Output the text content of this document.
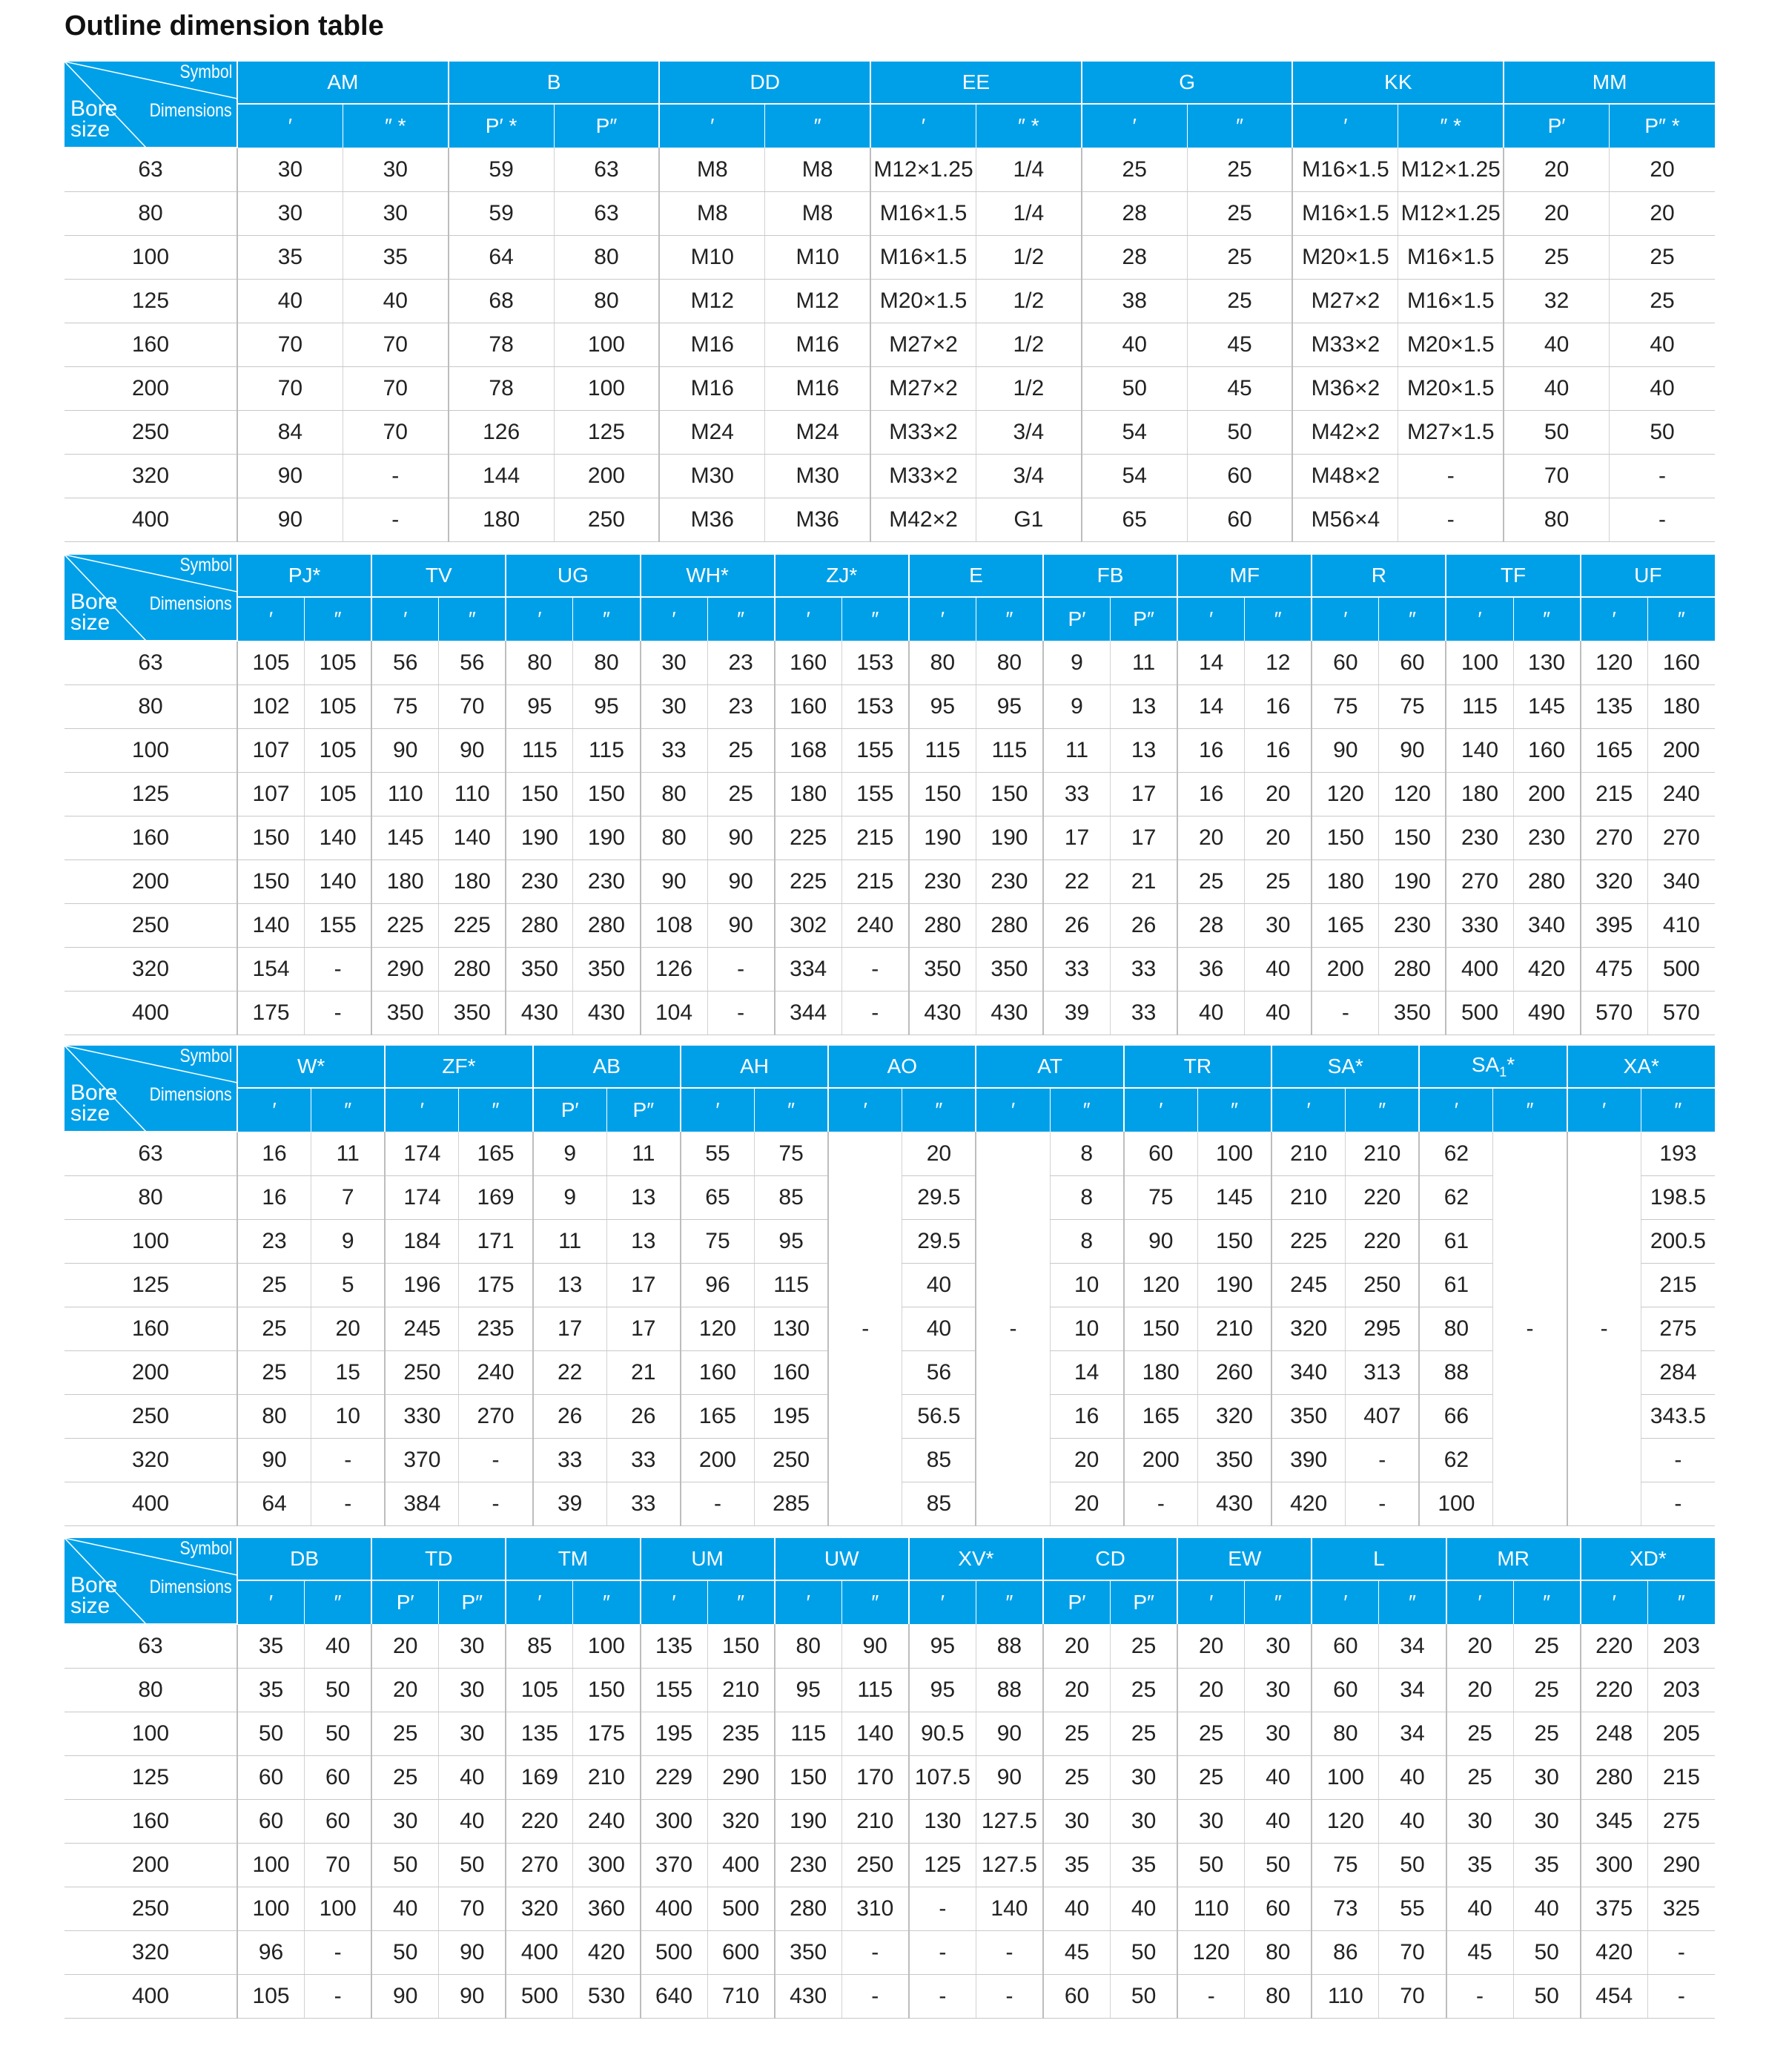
Outline dimension table
Symbol
Dimensions
Bore
size	AM		B		DD		EE		G		KK		MM	
	′	″ *	P′ *	P″	′	″	′	″ *	′	″	′	″ *	P′	P″ *
63	30	30	59	63	M8	M8	M12×1.25	1/4	25	25	M16×1.5	M12×1.25	20	20
80	30	30	59	63	M8	M8	M16×1.5	1/4	28	25	M16×1.5	M12×1.25	20	20
100	35	35	64	80	M10	M10	M16×1.5	1/2	28	25	M20×1.5	M16×1.5	25	25
125	40	40	68	80	M12	M12	M20×1.5	1/2	38	25	M27×2	M16×1.5	32	25
160	70	70	78	100	M16	M16	M27×2	1/2	40	45	M33×2	M20×1.5	40	40
200	70	70	78	100	M16	M16	M27×2	1/2	50	45	M36×2	M20×1.5	40	40
250	84	70	126	125	M24	M24	M33×2	3/4	54	50	M42×2	M27×1.5	50	50
320	90	-	144	200	M30	M30	M33×2	3/4	54	60	M48×2	-	70	-
400	90	-	180	250	M36	M36	M42×2	G1	65	60	M56×4	-	80	-
Symbol
Dimensions
Bore
size	PJ*		TV		UG		WH*		ZJ*		E		FB		MF		R		TF		UF	
	′	″	′	″	′	″	′	″	′	″	′	″	P′	P″	′	″	′	″	′	″	′	″
63	105	105	56	56	80	80	30	23	160	153	80	80	9	11	14	12	60	60	100	130	120	160
80	102	105	75	70	95	95	30	23	160	153	95	95	9	13	14	16	75	75	115	145	135	180
100	107	105	90	90	115	115	33	25	168	155	115	115	11	13	16	16	90	90	140	160	165	200
125	107	105	110	110	150	150	80	25	180	155	150	150	33	17	16	20	120	120	180	200	215	240
160	150	140	145	140	190	190	80	90	225	215	190	190	17	17	20	20	150	150	230	230	270	270
200	150	140	180	180	230	230	90	90	225	215	230	230	22	21	25	25	180	190	270	280	320	340
250	140	155	225	225	280	280	108	90	302	240	280	280	26	26	28	30	165	230	330	340	395	410
320	154	-	290	280	350	350	126	-	334	-	350	350	33	33	36	40	200	280	400	420	475	500
400	175	-	350	350	430	430	104	-	344	-	430	430	39	33	40	40	-	350	500	490	570	570
Symbol
Dimensions
Bore
size	W*		ZF*		AB		AH		AO		AT		TR		SA*		$SA_1*$		XA*	
	′	″	′	″	P′	P″	′	″	′	″	′	″	′	″	′	″	′	″	′	″
63	16	11	174	165	9	11	55	75	-	20	-	8	60	100	210	210	62	-	-	193
80	16	7	174	169	9	13	65	85		29.5		8	75	145	210	220	62			198.5
100	23	9	184	171	11	13	75	95		29.5		8	90	150	225	220	61			200.5
125	25	5	196	175	13	17	96	115		40		10	120	190	245	250	61			215
160	25	20	245	235	17	17	120	130		40		10	150	210	320	295	80			275
200	25	15	250	240	22	21	160	160		56		14	180	260	340	313	88			284
250	80	10	330	270	26	26	165	195		56.5		16	165	320	350	407	66			343.5
320	90	-	370	-	33	33	200	250		85		20	200	350	390	-	62			-
400	64	-	384	-	39	33	-	285		85		20	-	430	420	-	100			-
Symbol
Dimensions
Bore
size	DB		TD		TM		UM		UW		XV*		CD		EW		L		MR		XD*	
	′	″	P′	P″	′	″	′	″	′	″	′	″	P′	P″	′	″	′	″	′	″	′	″
63	35	40	20	30	85	100	135	150	80	90	95	88	20	25	20	30	60	34	20	25	220	203
80	35	50	20	30	105	150	155	210	95	115	95	88	20	25	20	30	60	34	20	25	220	203
100	50	50	25	30	135	175	195	235	115	140	90.5	90	25	25	25	30	80	34	25	25	248	205
125	60	60	25	40	169	210	229	290	150	170	107.5	90	25	30	25	40	100	40	25	30	280	215
160	60	60	30	40	220	240	300	320	190	210	130	127.5	30	30	30	40	120	40	30	30	345	275
200	100	70	50	50	270	300	370	400	230	250	125	127.5	35	35	50	50	75	50	35	35	300	290
250	100	100	40	70	320	360	400	500	280	310	-	140	40	40	110	60	73	55	40	40	375	325
320	96	-	50	90	400	420	500	600	350	-	-	-	45	50	120	80	86	70	45	50	420	-
400	105	-	90	90	500	530	640	710	430	-	-	-	60	50	-	80	110	70	-	50	454	-
